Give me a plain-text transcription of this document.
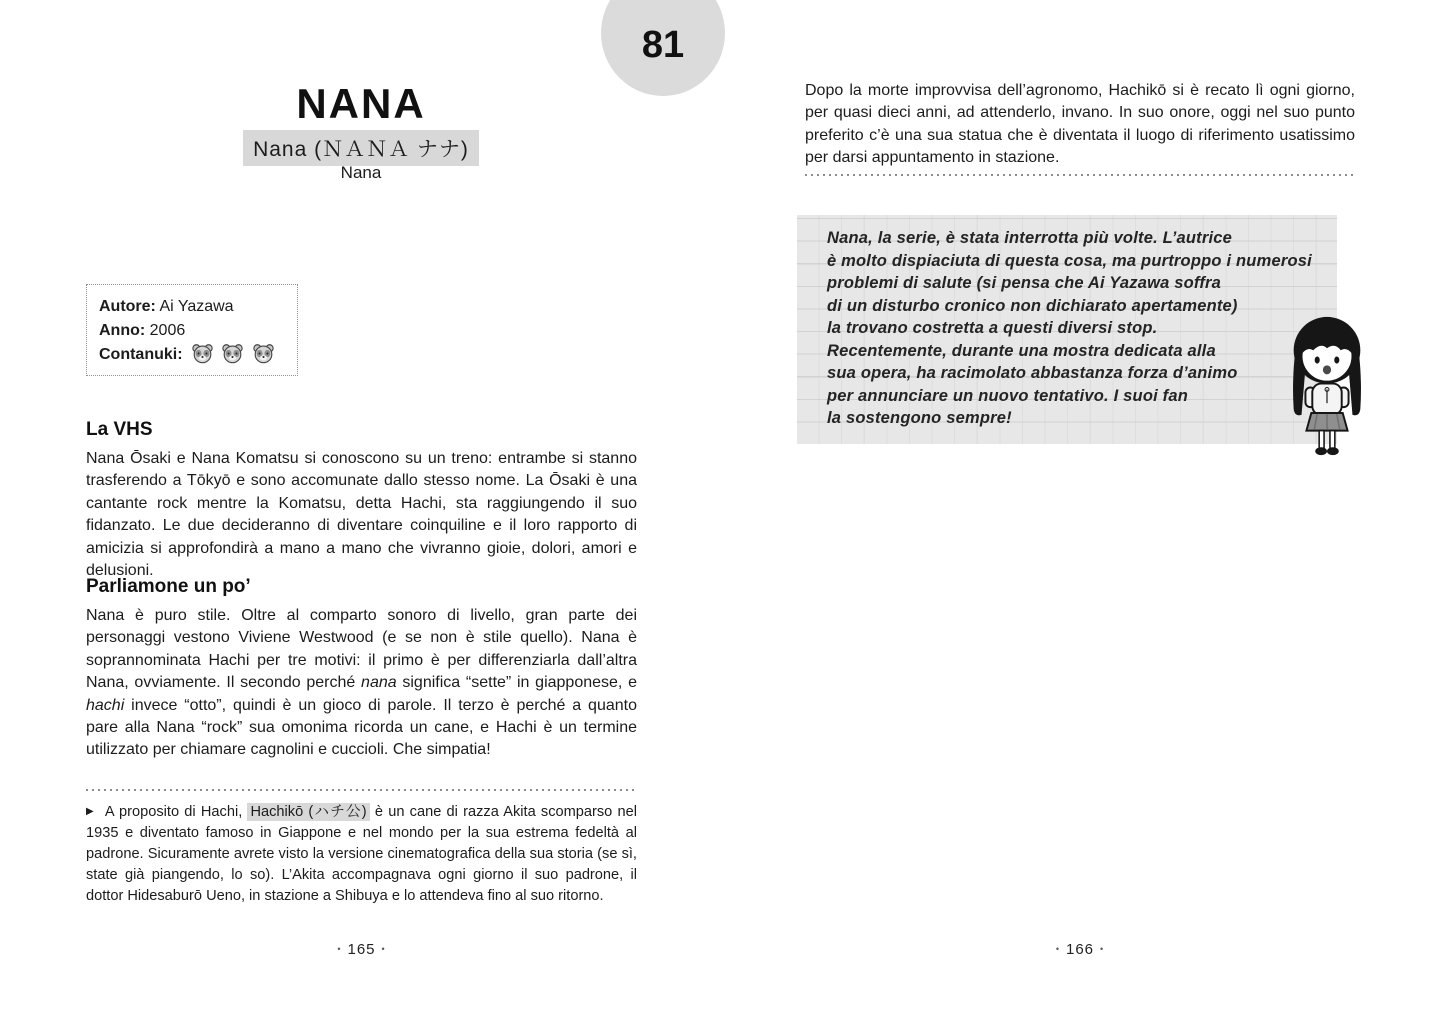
81
NANA
Nana (ＮＡＮＡ ナナ)
Nana
Autore: Ai Yazawa
Anno: 2006
Contanuki:
La VHS

Nana Ōsaki e Nana Komatsu si conoscono su un treno: entrambe si stanno trasferendo a Tōkyō e sono accomunate dallo stesso nome. La Ōsaki è una cantante rock mentre la Komatsu, detta Hachi, sta raggiungendo il suo fidanzato. Le due decideranno di diventare coinquiline e il loro rapporto di amicizia si approfondirà a mano a mano che vivranno gioie, dolori, amori e delusioni.

Parliamone un po’

Nana è puro stile. Oltre al comparto sonoro di livello, gran parte dei personaggi vestono Viviene Westwood (e se non è stile quello). Nana è soprannominata Hachi per tre motivi: il primo è per differenziarla dall’altra Nana, ovviamente. Il secondo perché nana significa “sette” in giapponese, e hachi invece “otto”, quindi è un gioco di parole. Il terzo è perché a quanto pare alla Nana “rock” sua omonima ricorda un cane, e Hachi è un termine utilizzato per chiamare cagnolini e cuccioli. Che simpatia!

▶ A proposito di Hachi, Hachikō (ハチ公) è un cane di razza Akita scomparso nel 1935 e diventato famoso in Giappone e nel mondo per la sua estrema fedeltà al padrone. Sicuramente avrete visto la versione cinematografica della sua storia (se sì, state già piangendo, lo so). L’Akita accompagnava ogni giorno il suo padrone, il dottor Hidesaburō Ueno, in stazione a Shibuya e lo attendeva fino al suo ritorno.

• 165 •

Dopo la morte improvvisa dell’agronomo, Hachikō si è recato lì ogni giorno, per quasi dieci anni, ad attenderlo, invano. In suo onore, oggi nel suo punto preferito c’è una sua statua che è diventata il luogo di riferimento usatissimo per darsi appuntamento in stazione.

Nana, la serie, è stata interrotta più volte. L’autrice
è molto dispiaciuta di questa cosa, ma purtroppo i numerosi
problemi di salute (si pensa che Ai Yazawa soffra
di un disturbo cronico non dichiarato apertamente)
la trovano costretta a questi diversi stop.
Recentemente, durante una mostra dedicata alla
sua opera, ha racimolato abbastanza forza d’animo
per annunciare un nuovo tentativo. I suoi fan
la sostengono sempre!
• 166 •
